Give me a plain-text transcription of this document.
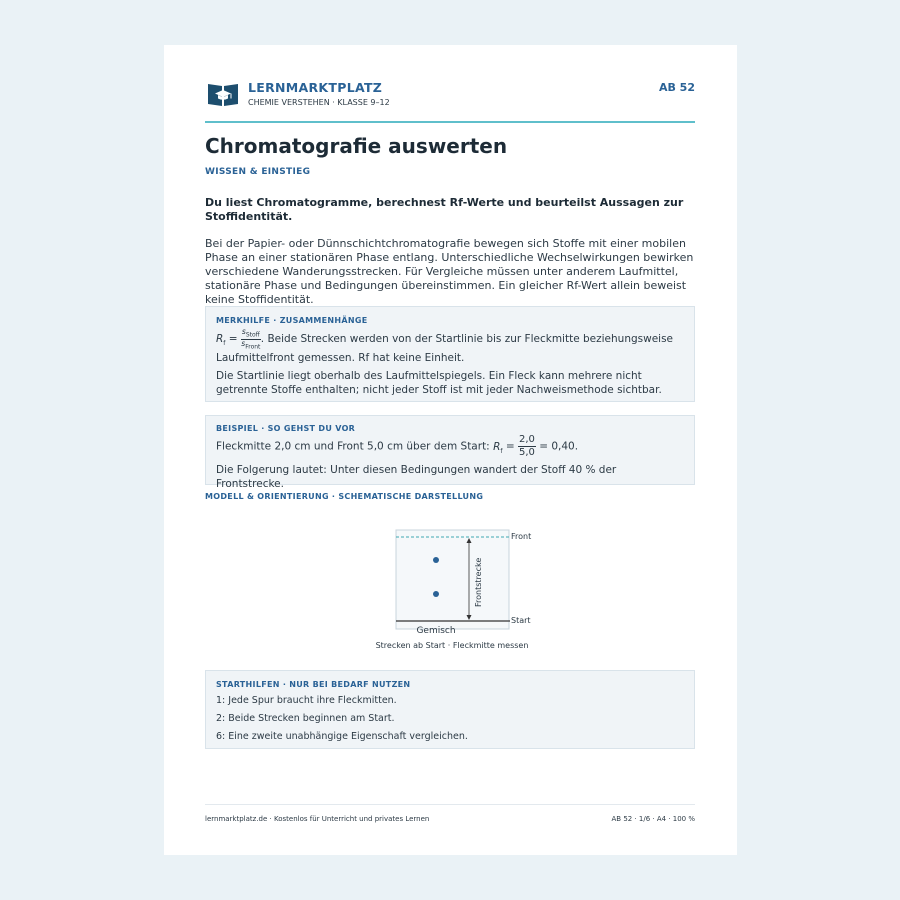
LERNMARKTPLATZ
CHEMIE VERSTEHEN · KLASSE 9–12
AB 52
Chromatografie auswerten
WISSEN & EINSTIEG
Du liest Chromatogramme, berechnest Rf-Werte und beurteilst Aussagen zur Stoffidentität.
Bei der Papier- oder Dünnschichtchromatografie bewegen sich Stoffe mit einer mobilen Phase an einer stationären Phase entlang. Unterschiedliche Wechselwirkungen bewirken verschiedene Wanderungsstrecken. Für Vergleiche müssen unter anderem Laufmittel, stationäre Phase und Bedingungen übereinstimmen. Ein gleicher Rf-Wert allein beweist keine Stoffidentität.
MERKHILFE · ZUSAMMENHÄNGE
$R_f = \frac{s_{Stoff}}{s_{Front}}$ . Beide Strecken werden von der Startlinie bis zur Fleckmitte beziehungsweise Laufmittelfront gemessen. Rf hat keine Einheit.
Die Startlinie liegt oberhalb des Laufmittelspiegels. Ein Fleck kann mehrere nicht getrennte Stoffe enthalten; nicht jeder Stoff ist mit jeder Nachweismethode sichtbar.
BEISPIEL · SO GEHST DU VOR
Fleckmitte 2,0 cm und Front 5,0 cm über dem Start: $R_f = \frac{2,0}{5,0} = 0,40$.
Die Folgerung lautet: Unter diesen Bedingungen wandert der Stoff 40 % der Frontstrecke.
MODELL & ORIENTIERUNG · SCHEMATISCHE DARSTELLUNG
Front
Start
Frontstrecke
Gemisch
Strecken ab Start · Fleckmitte messen
STARTHILFEN · NUR BEI BEDARF NUTZEN
1: Jede Spur braucht ihre Fleckmitten.
2: Beide Strecken beginnen am Start.
6: Eine zweite unabhängige Eigenschaft vergleichen.
lernmarktplatz.de · Kostenlos für Unterricht und privates Lernen	AB 52 · 1/6 · A4 · 100 %
